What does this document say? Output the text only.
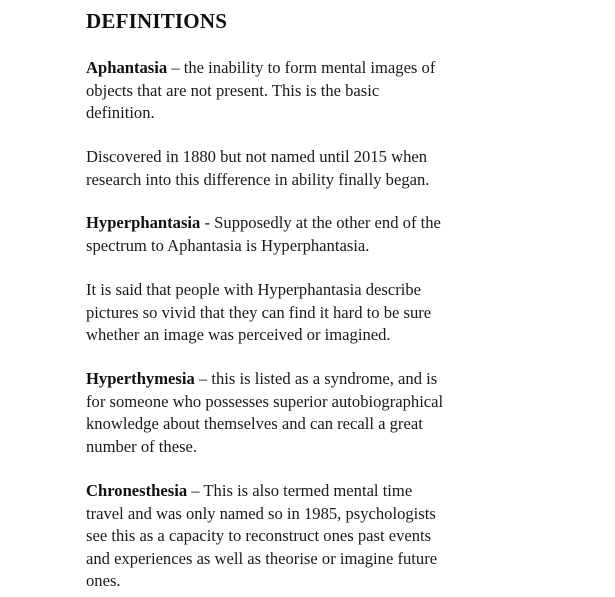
DEFINITIONS

Aphantasia – the inability to form mental images of
objects that are not present. This is the basic
definition.

Discovered in 1880 but not named until 2015 when
research into this difference in ability finally began.

Hyperphantasia - Supposedly at the other end of the
spectrum to Aphantasia is Hyperphantasia.

It is said that people with Hyperphantasia describe
pictures so vivid that they can find it hard to be sure
whether an image was perceived or imagined.

Hyperthymesia – this is listed as a syndrome, and is
for someone who possesses superior autobiographical
knowledge about themselves and can recall a great
number of these.

Chronesthesia – This is also termed mental time
travel and was only named so in 1985, psychologists
see this as a capacity to reconstruct ones past events
and experiences as well as theorise or imagine future
ones.
